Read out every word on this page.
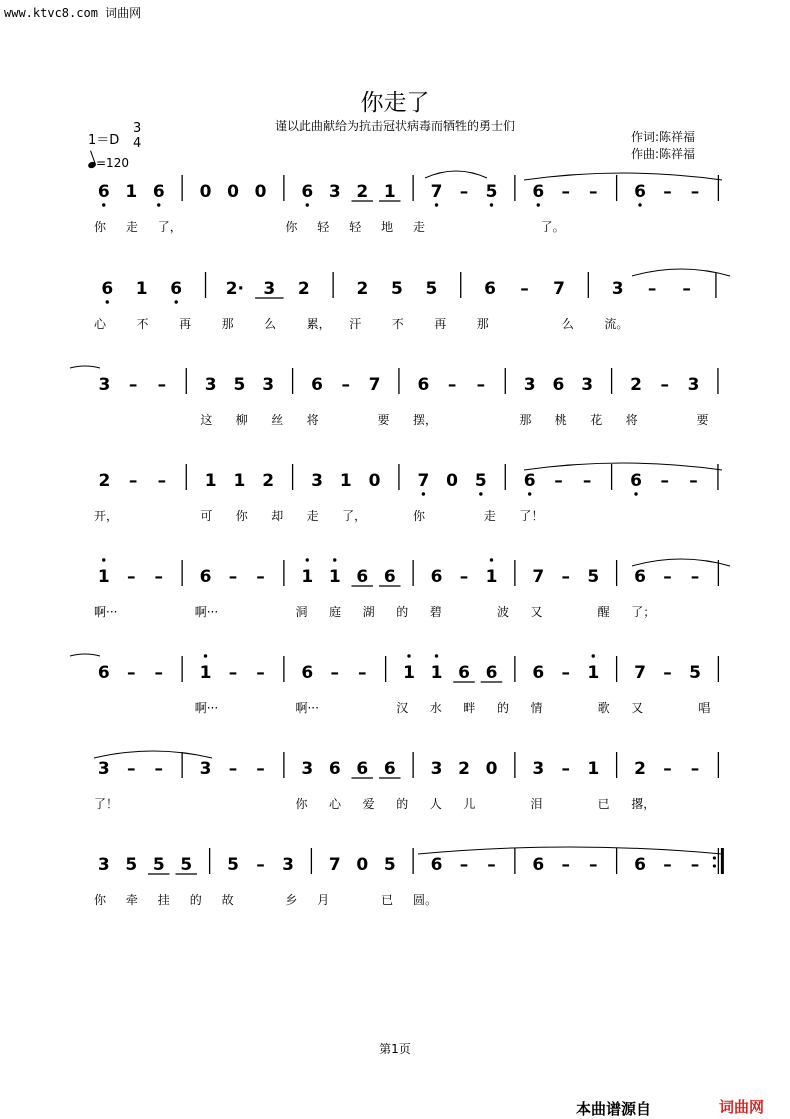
www.ktvc8.com 词曲网
你走了
谨以此曲献给为抗击冠状病毒而牺牲的勇士们
作词:陈祥福
作曲:陈祥福
1＝D
3
4
=120
6 1 6 0 0 0 6 3 2 1 7 – 5 6 – – 6 – –
你 走 了，	你 轻 轻 地 走	了。
6 1 6	2· 3 2	2 5 5	6 – 7	3 – –
心	不	再	那	么	累， 汗	不	再	那	么	流。
3 – – 3 5 3 6 – 7 6 – – 3 6 3 2 – 3
这 柳 丝 将	要 摆，	那 桃 花 将	要
2 – – 1 1 2 3 1 0 7 0 5 6 – – 6 – –
开，	可 你 却 走 了，	你	走 了！
1 – – 6 – – 1 1 6 6 6 – 1 7 – 5 6 – –
啊···	啊···	洞 庭 湖 的 碧	波 又	醒 了；
6 – – 1 – – 6 – – 1 1 6 6 6 – 1 7 – 5
啊···	啊···	汉 水 畔 的 情	歌 又	唱
3 – – 3 – – 3 6 6 6 3 2 0 3 – 1 2 – –
了！	你 心 爱 的 人 儿	泪	已 撂，
3 5 5 5 5 – 3 7 0 5 6 – – 6 – – 6 – –
你 牵 挂 的 故	乡 月	已 圆。
第1页
本曲谱源自	词曲网
